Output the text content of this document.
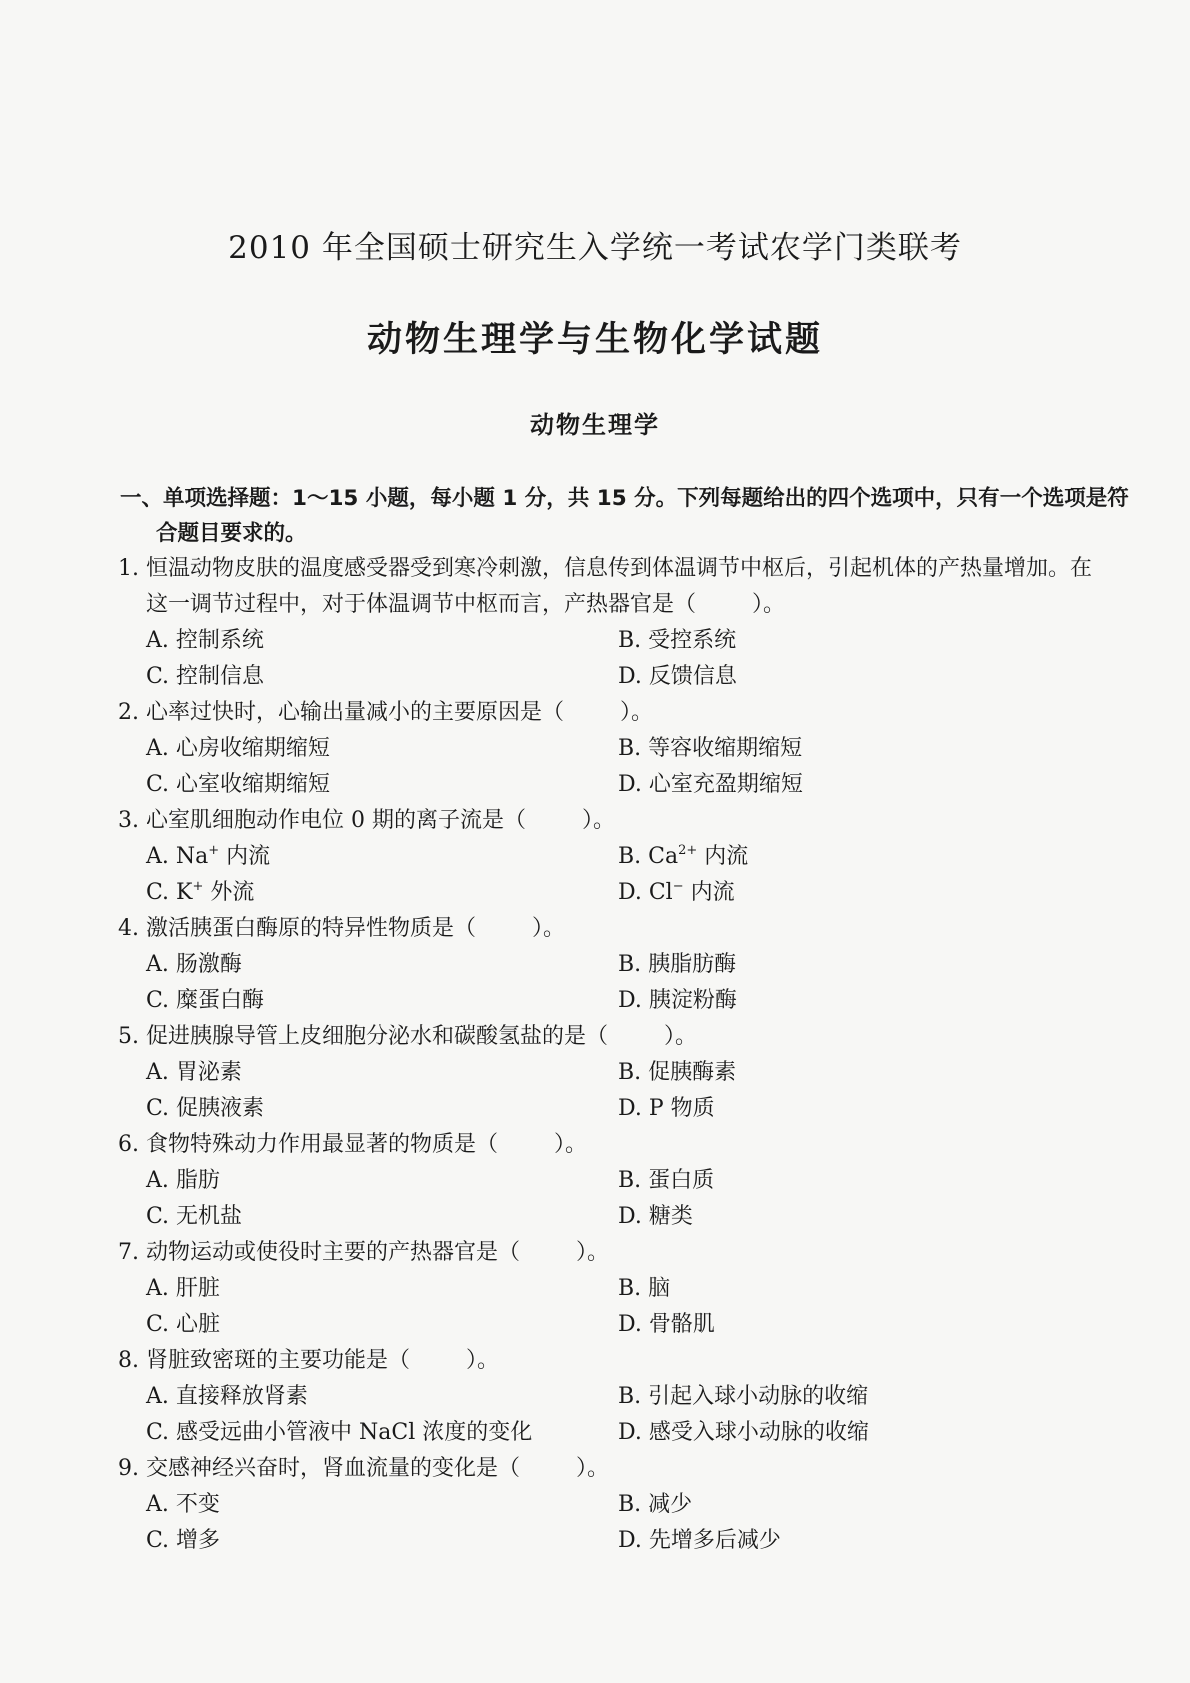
2010 年全国硕士研究生入学统一考试农学门类联考
动物生理学与生物化学试题
动物生理学
一、单项选择题：1～15 小题，每小题 1 分，共 15 分。下列每题给出的四个选项中，只有一个选项是符合题目要求的。
1. 恒温动物皮肤的温度感受器受到寒冷刺激，信息传到体温调节中枢后，引起机体的产热量增加。在这一调节过程中，对于体温调节中枢而言，产热器官是（	）。
A. 控制系统	B. 受控系统
C. 控制信息	D. 反馈信息
2. 心率过快时，心输出量减小的主要原因是（	）。
A. 心房收缩期缩短	B. 等容收缩期缩短
C. 心室收缩期缩短	D. 心室充盈期缩短
3. 心室肌细胞动作电位 0 期的离子流是（	）。
A. Na+ 内流	B. $Ca^{2+}$ 内流
C. K+ 外流	D. Cl− 内流
4. 激活胰蛋白酶原的特异性物质是（	）。
A. 肠激酶	B. 胰脂肪酶
C. 糜蛋白酶	D. 胰淀粉酶
5. 促进胰腺导管上皮细胞分泌水和碳酸氢盐的是（	）。
A. 胃泌素	B. 促胰酶素
C. 促胰液素	D. P 物质
6. 食物特殊动力作用最显著的物质是（	）。
A. 脂肪	B. 蛋白质
C. 无机盐	D. 糖类
7. 动物运动或使役时主要的产热器官是（	）。
A. 肝脏	B. 脑
C. 心脏	D. 骨骼肌
8. 肾脏致密斑的主要功能是（	）。
A. 直接释放肾素	B. 引起入球小动脉的收缩
C. 感受远曲小管液中 NaCl 浓度的变化	D. 感受入球小动脉的收缩
9. 交感神经兴奋时，肾血流量的变化是（	）。
A. 不变	B. 减少
C. 增多	D. 先增多后减少
